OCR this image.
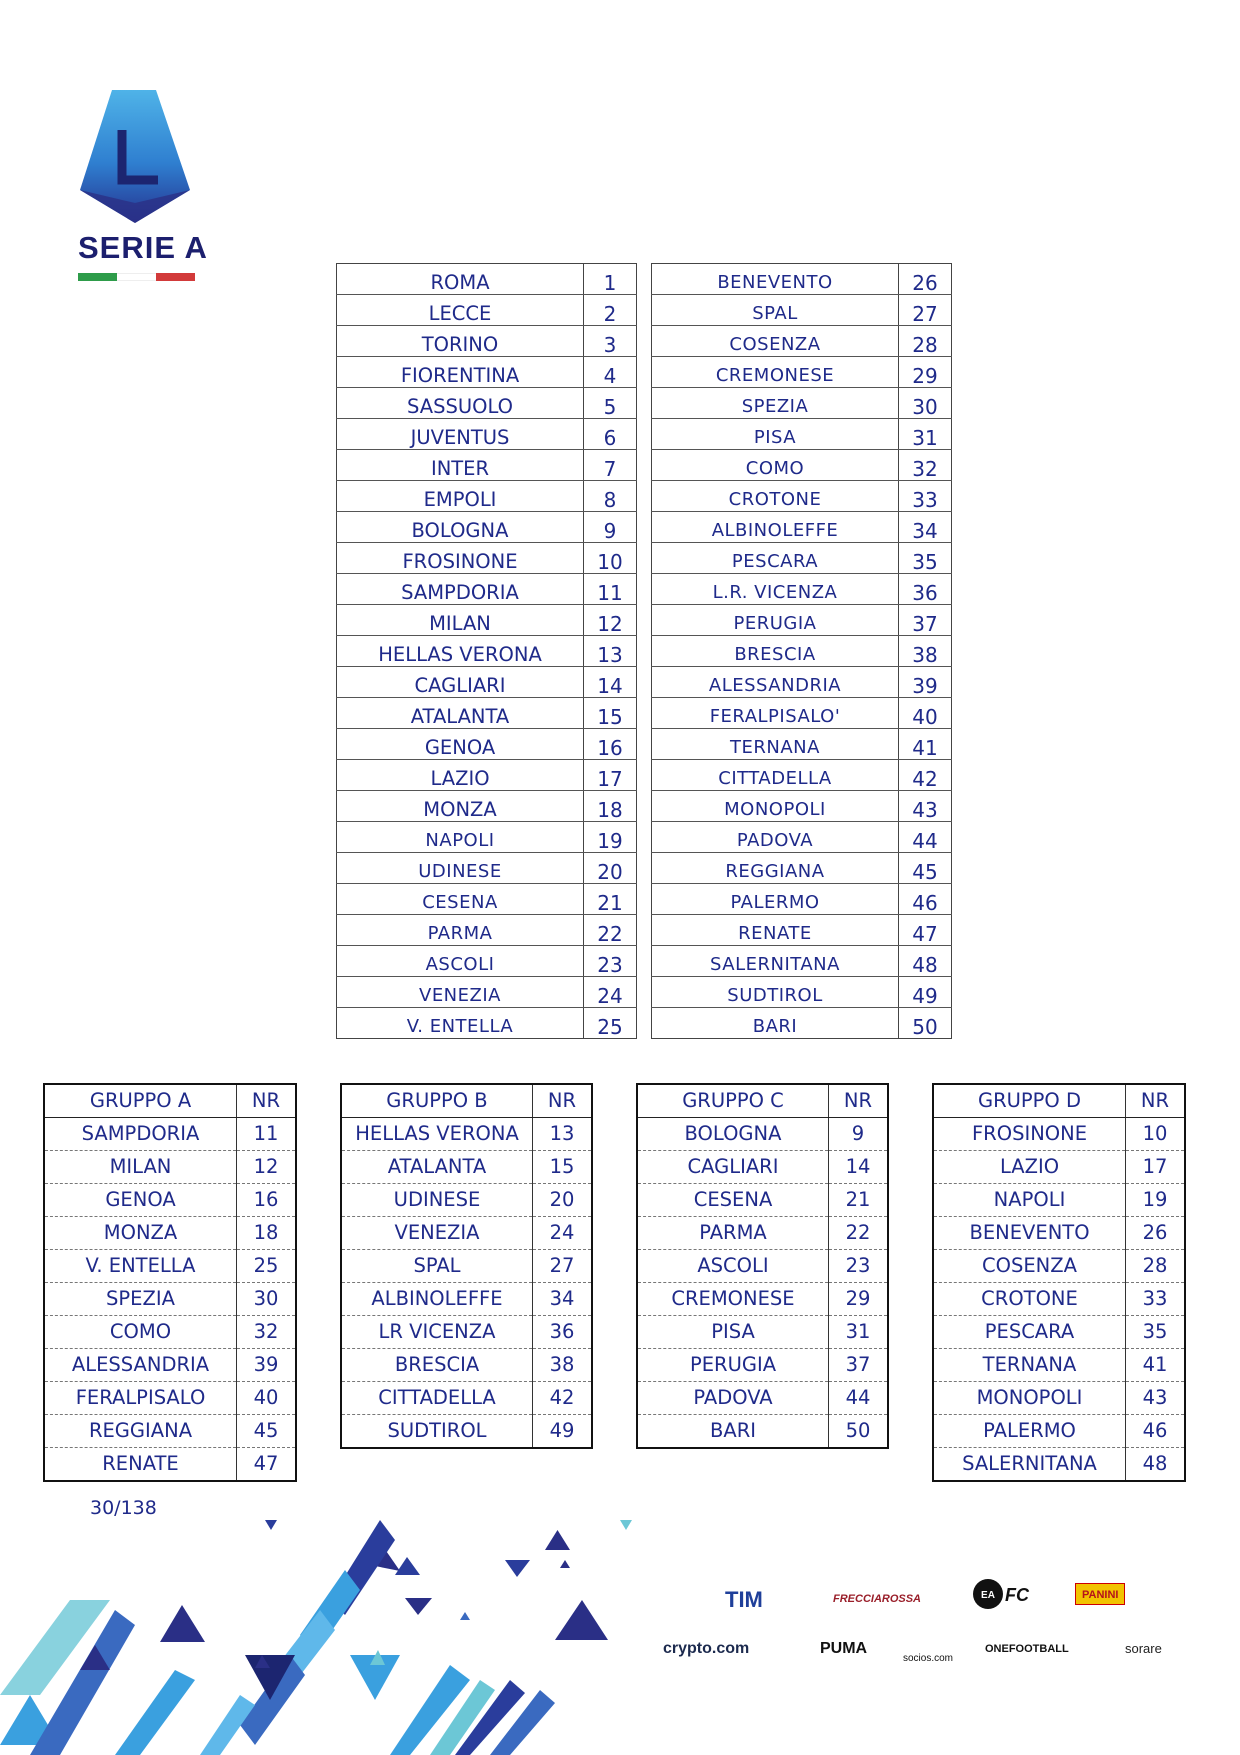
SERIE A
ROMA	1
LECCE	2
TORINO	3
FIORENTINA	4
SASSUOLO	5
JUVENTUS	6
INTER	7
EMPOLI	8
BOLOGNA	9
FROSINONE	10
SAMPDORIA	11
MILAN	12
HELLAS VERONA	13
CAGLIARI	14
ATALANTA	15
GENOA	16
LAZIO	17
MONZA	18
NAPOLI	19
UDINESE	20
CESENA	21
PARMA	22
ASCOLI	23
VENEZIA	24
V. ENTELLA	25
BENEVENTO	26
SPAL	27
COSENZA	28
CREMONESE	29
SPEZIA	30
PISA	31
COMO	32
CROTONE	33
ALBINOLEFFE	34
PESCARA	35
L.R. VICENZA	36
PERUGIA	37
BRESCIA	38
ALESSANDRIA	39
FERALPISALO'	40
TERNANA	41
CITTADELLA	42
MONOPOLI	43
PADOVA	44
REGGIANA	45
PALERMO	46
RENATE	47
SALERNITANA	48
SUDTIROL	49
BARI	50
GRUPPO A	NR
SAMPDORIA	11
MILAN	12
GENOA	16
MONZA	18
V. ENTELLA	25
SPEZIA	30
COMO	32
ALESSANDRIA	39
FERALPISALO	40
REGGIANA	45
RENATE	47
GRUPPO B	NR
HELLAS VERONA	13
ATALANTA	15
UDINESE	20
VENEZIA	24
SPAL	27
ALBINOLEFFE	34
LR VICENZA	36
BRESCIA	38
CITTADELLA	42
SUDTIROL	49
GRUPPO C	NR
BOLOGNA	9
CAGLIARI	14
CESENA	21
PARMA	22
ASCOLI	23
CREMONESE	29
PISA	31
PERUGIA	37
PADOVA	44
BARI	50
GRUPPO D	NR
FROSINONE	10
LAZIO	17
NAPOLI	19
BENEVENTO	26
COSENZA	28
CROTONE	33
PESCARA	35
TERNANA	41
MONOPOLI	43
PALERMO	46
SALERNITANA	48
30/138
TIM	FRECCIAROSSA	EA FC	PANINI
crypto.com	PUMA
socios.com
ONEFOOTBALL	sorare
